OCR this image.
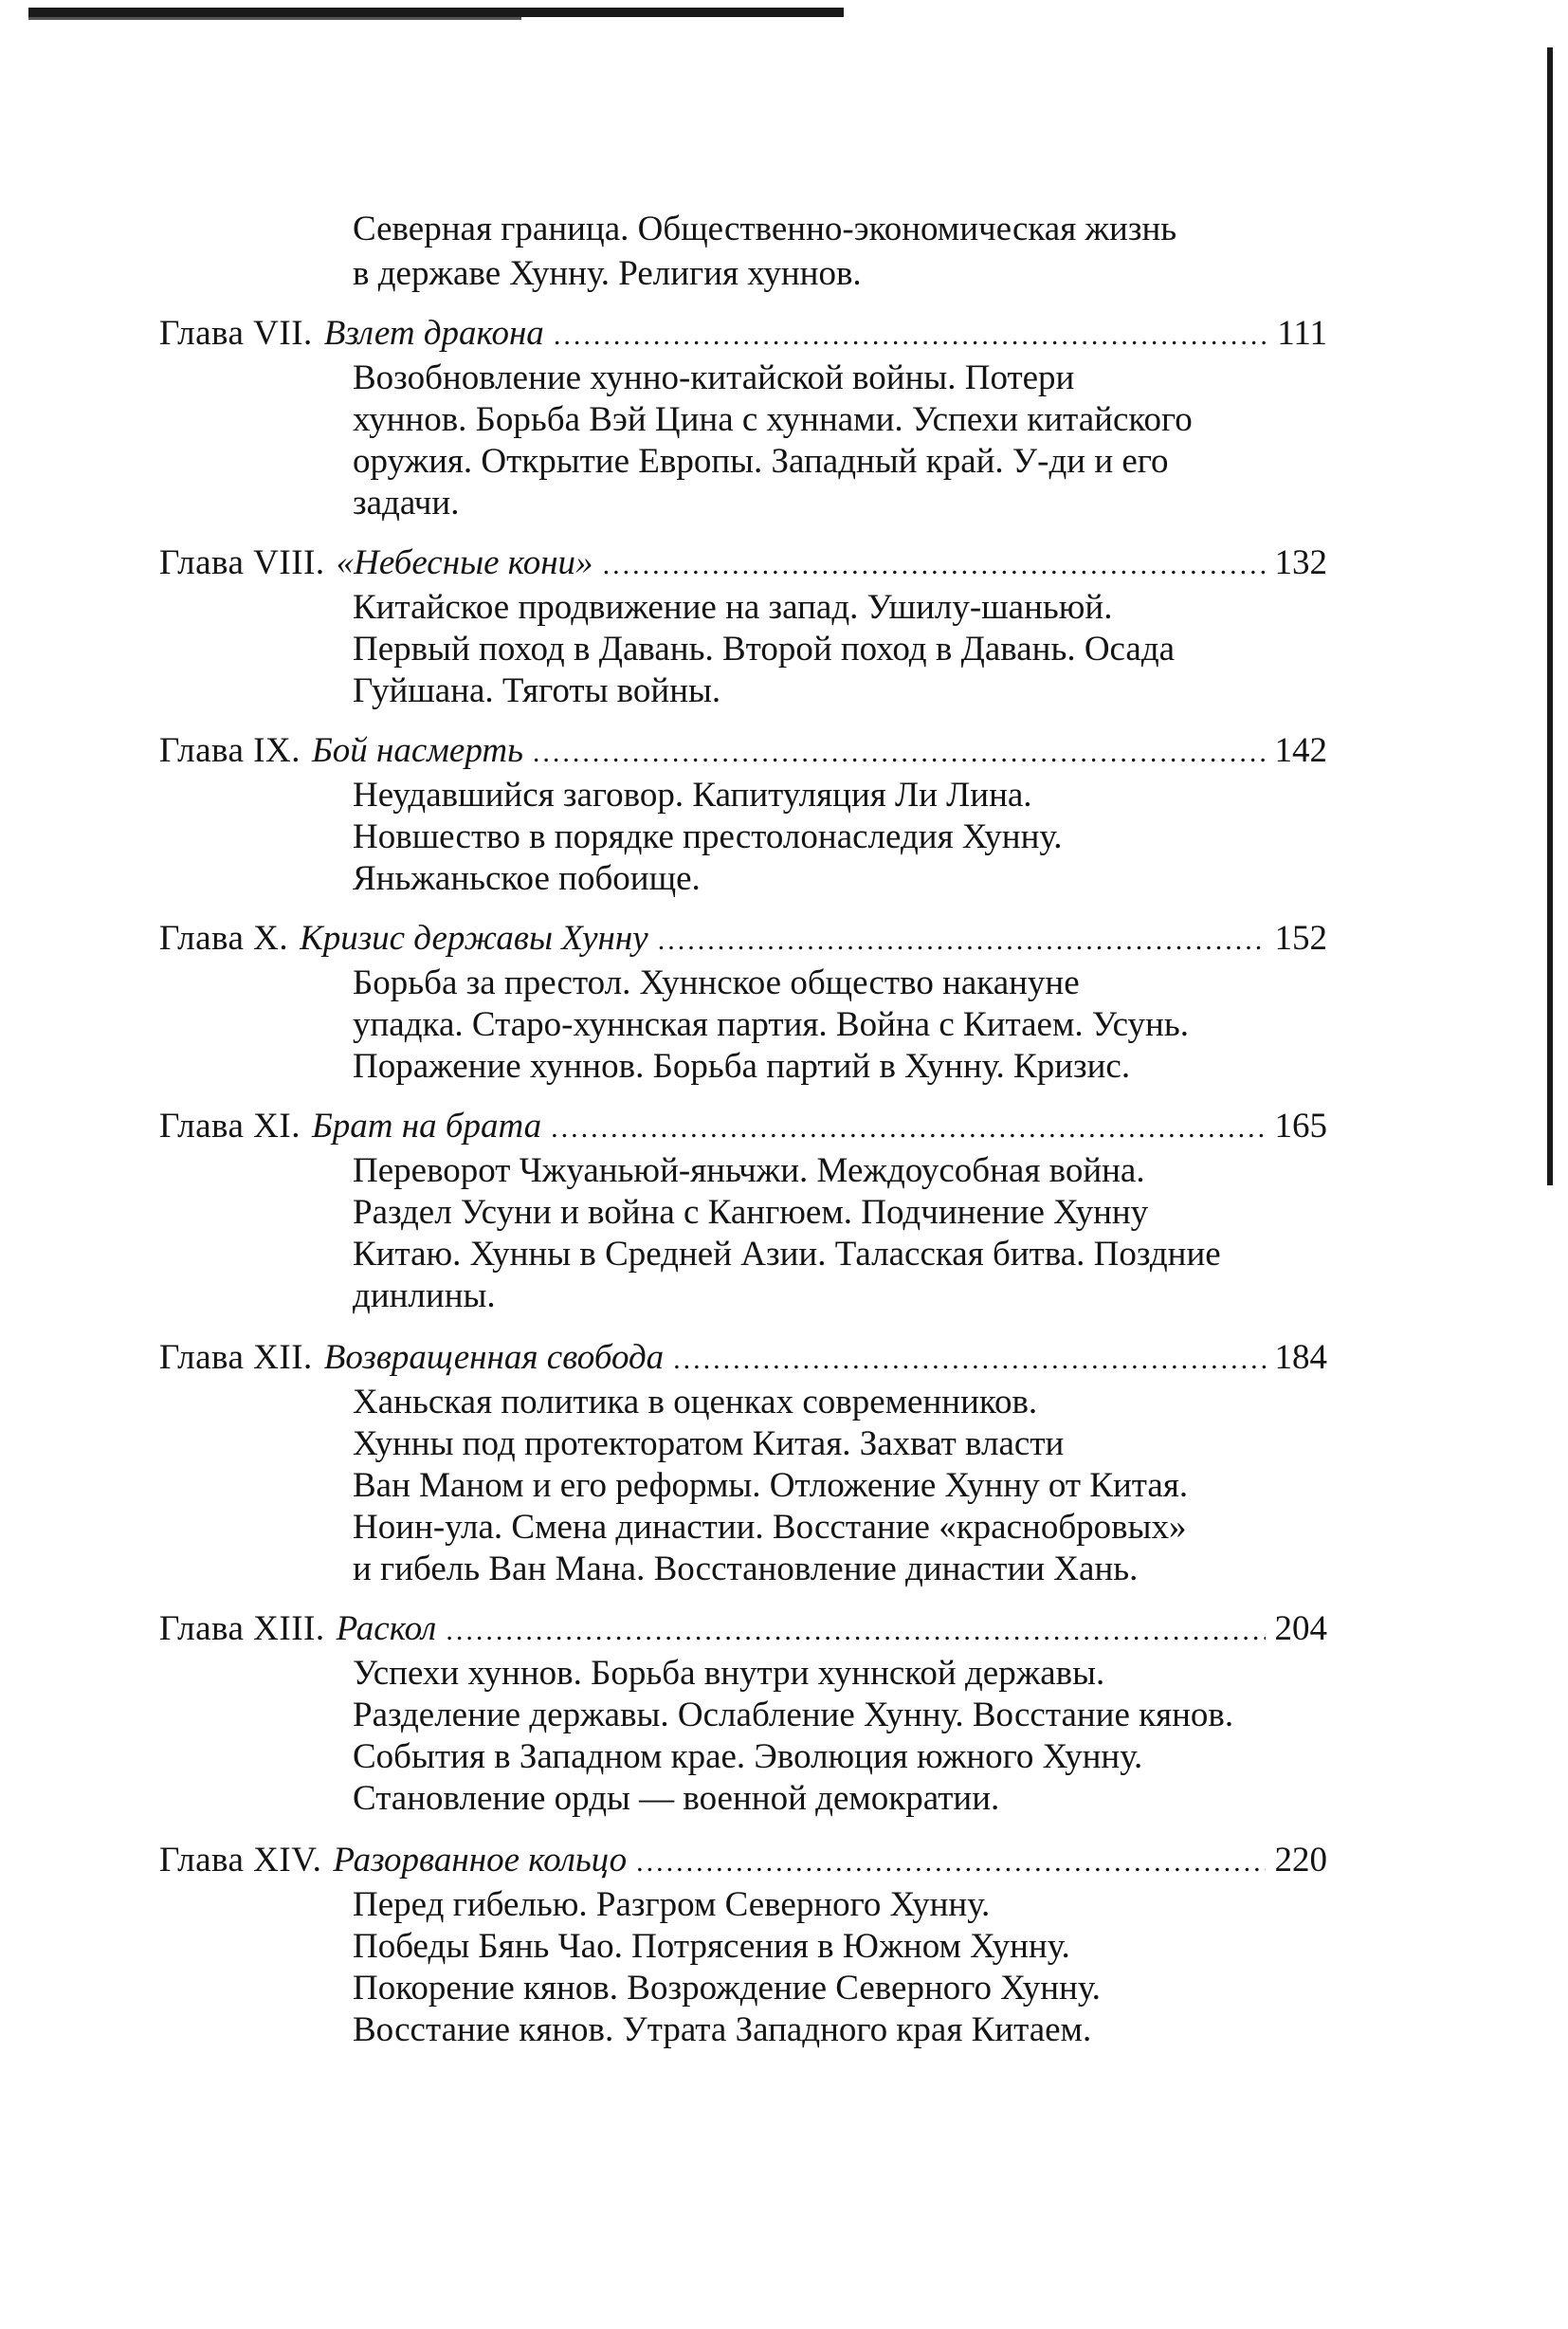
Северная граница. Общественно-экономическая жизнь
в державе Хунну. Религия хуннов.
Глава VII. Взлет дракона .....	111
Возобновление хунно-китайской войны. Потери
хуннов. Борьба Вэй Цина с хуннами. Успехи китайского
оружия. Открытие Европы. Западный край. У-ди и его
задачи.
Глава VIII. «Небесные кони» .....	132
Китайское продвижение на запад. Ушилу-шаньюй.
Первый поход в Давань. Второй поход в Давань. Осада
Гуйшана. Тяготы войны.
Глава IX. Бой насмерть .....	142
Неудавшийся заговор. Капитуляция Ли Лина.
Новшество в порядке престолонаследия Хунну.
Яньжаньское побоище.
Глава X. Кризис державы Хунну .....	152
Борьба за престол. Хуннское общество накануне
упадка. Старо-хуннская партия. Война с Китаем. Усунь.
Поражение хуннов. Борьба партий в Хунну. Кризис.
Глава XI. Брат на брата .....	165
Переворот Чжуаньюй-яньчжи. Междоусобная война.
Раздел Усуни и война с Кангюем. Подчинение Хунну
Китаю. Хунны в Средней Азии. Таласская битва. Поздние
динлины.
Глава XII. Возвращенная свобода .....	184
Ханьская политика в оценках современников.
Хунны под протекторатом Китая. Захват власти
Ван Маном и его реформы. Отложение Хунну от Китая.
Ноин-ула. Смена династии. Восстание «краснобровых»
и гибель Ван Мана. Восстановление династии Хань.
Глава XIII. Раскол .....	204
Успехи хуннов. Борьба внутри хуннской державы.
Разделение державы. Ослабление Хунну. Восстание кянов.
События в Западном крае. Эволюция южного Хунну.
Становление орды — военной демократии.
Глава XIV. Разорванное кольцо .....	220
Перед гибелью. Разгром Северного Хунну.
Победы Бянь Чао. Потрясения в Южном Хунну.
Покорение кянов. Возрождение Северного Хунну.
Восстание кянов. Утрата Западного края Китаем.
